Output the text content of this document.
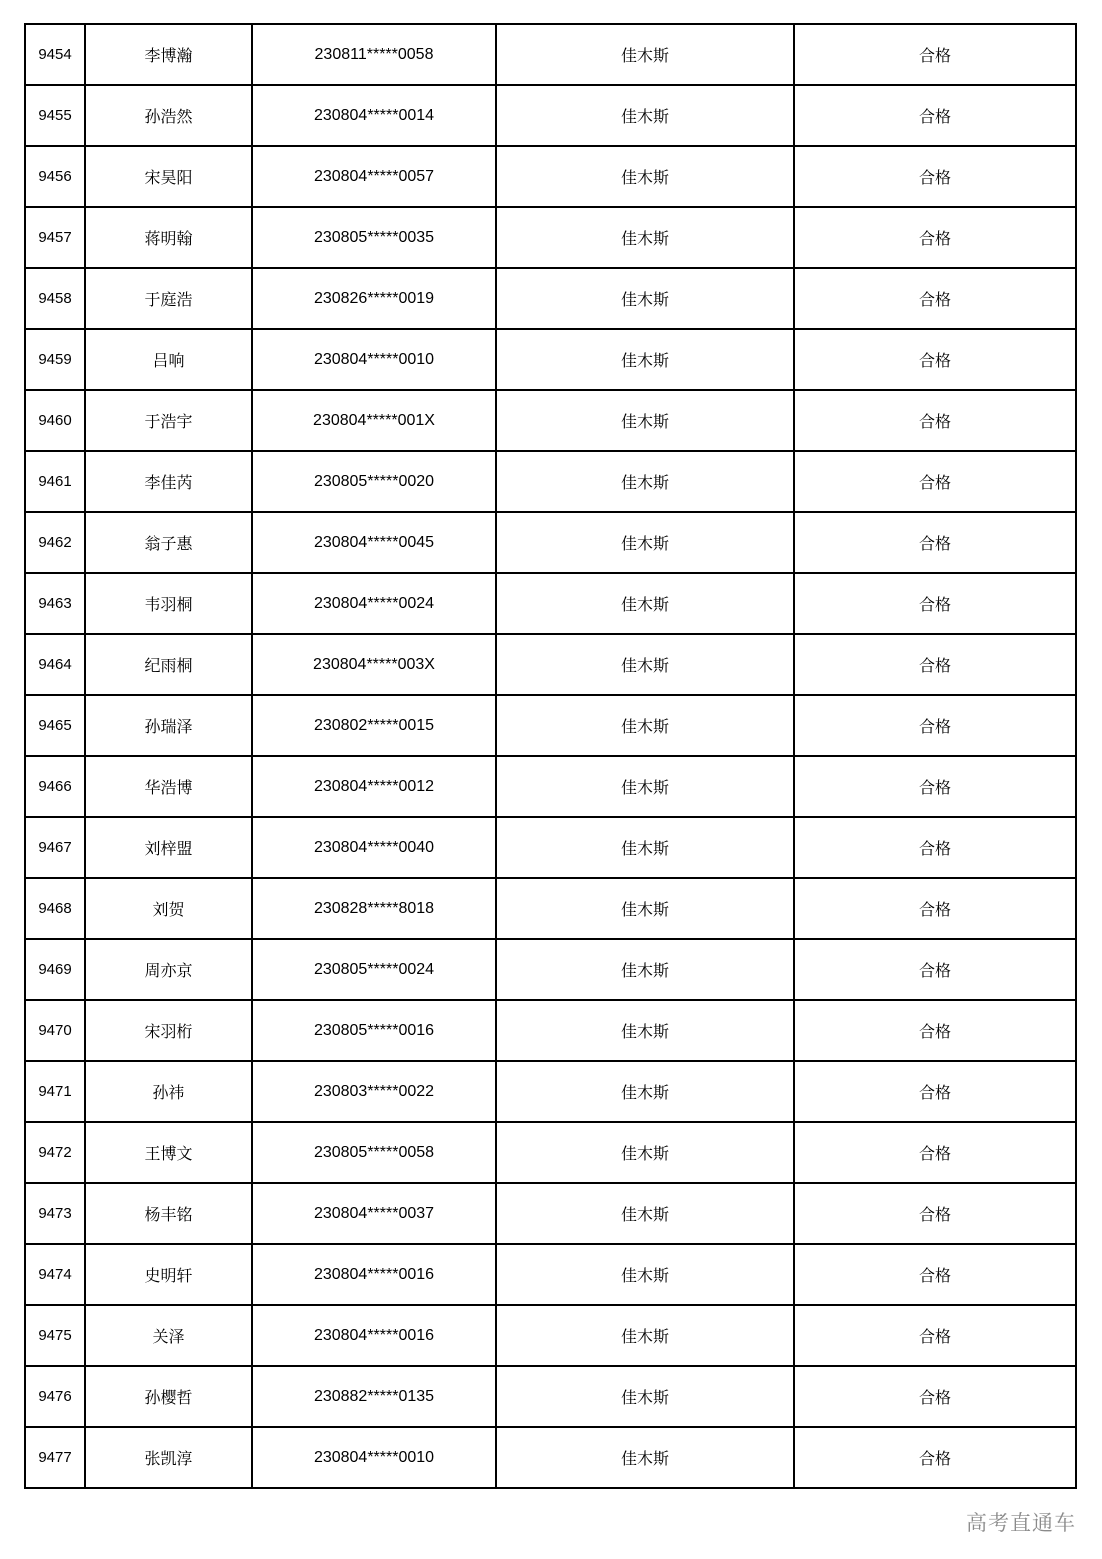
9454	李博瀚	230811*****0058	佳木斯	合格
9455	孙浩然	230804*****0014	佳木斯	合格
9456	宋昊阳	230804*****0057	佳木斯	合格
9457	蒋明翰	230805*****0035	佳木斯	合格
9458	于庭浩	230826*****0019	佳木斯	合格
9459	吕响	230804*****0010	佳木斯	合格
9460	于浩宇	230804*****001X	佳木斯	合格
9461	李佳芮	230805*****0020	佳木斯	合格
9462	翁子惠	230804*****0045	佳木斯	合格
9463	韦羽桐	230804*****0024	佳木斯	合格
9464	纪雨桐	230804*****003X	佳木斯	合格
9465	孙瑞泽	230802*****0015	佳木斯	合格
9466	华浩博	230804*****0012	佳木斯	合格
9467	刘梓盟	230804*****0040	佳木斯	合格
9468	刘贺	230828*****8018	佳木斯	合格
9469	周亦京	230805*****0024	佳木斯	合格
9470	宋羽桁	230805*****0016	佳木斯	合格
9471	孙祎	230803*****0022	佳木斯	合格
9472	王博文	230805*****0058	佳木斯	合格
9473	杨丰铭	230804*****0037	佳木斯	合格
9474	史明轩	230804*****0016	佳木斯	合格
9475	关泽	230804*****0016	佳木斯	合格
9476	孙樱哲	230882*****0135	佳木斯	合格
9477	张凯淳	230804*****0010	佳木斯	合格
高考直通车
